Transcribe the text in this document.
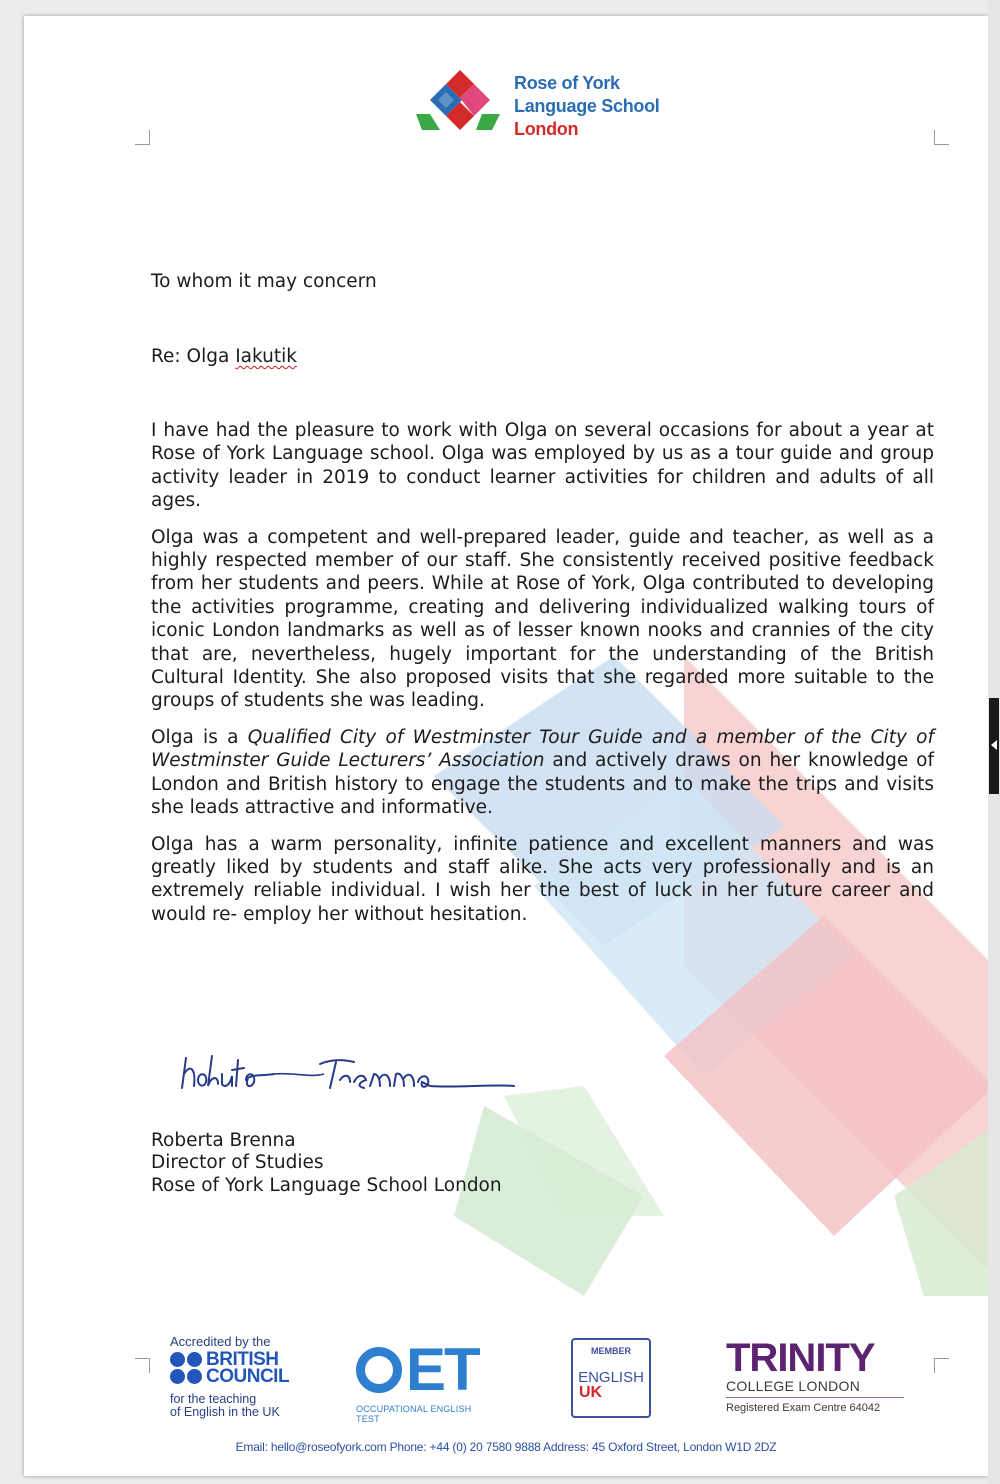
Rose of York
Language School
London
To whom it may concern
Re: Olga Iakutik

I have had the pleasure to work with Olga on several occasions for about a year at Rose of York Language school. Olga was employed by us as a tour guide and group activity leader in 2019 to conduct learner activities for children and adults of all ages.

Olga was a competent and well-prepared leader, guide and teacher, as well as a highly respected member of our staff. She consistently received positive feedback from her students and peers. While at Rose of York, Olga contributed to developing the activities programme, creating and delivering individualized walking tours of iconic London landmarks as well as of lesser known nooks and crannies of the city that are, nevertheless, hugely important for the understanding of the British Cultural Identity. She also proposed visits that she regarded more suitable to the groups of students she was leading.

Olga is a Qualified City of Westminster Tour Guide and a member of the City of Westminster Guide Lecturers’ Association and actively draws on her knowledge of London and British history to engage the students and to make the trips and visits she leads attractive and informative.

Olga has a warm personality, infinite patience and excellent manners and was greatly liked by students and staff alike. She acts very professionally and is an extremely reliable individual. I wish her the best of luck in her future career and would re- employ her without hesitation.

Roberta Brenna
Director of Studies
Rose of York Language School London
Accredited by the
BRITISH
COUNCIL
for the teaching
of English in the UK
ET
OCCUPATIONAL ENGLISH TEST
MEMBER
ENGLISH
UK
TRINITY
COLLEGE LONDON
Registered Exam Centre 64042
Email: hello@roseofyork.com Phone: +44 (0) 20 7580 9888 Address: 45 Oxford Street, London W1D 2DZ
